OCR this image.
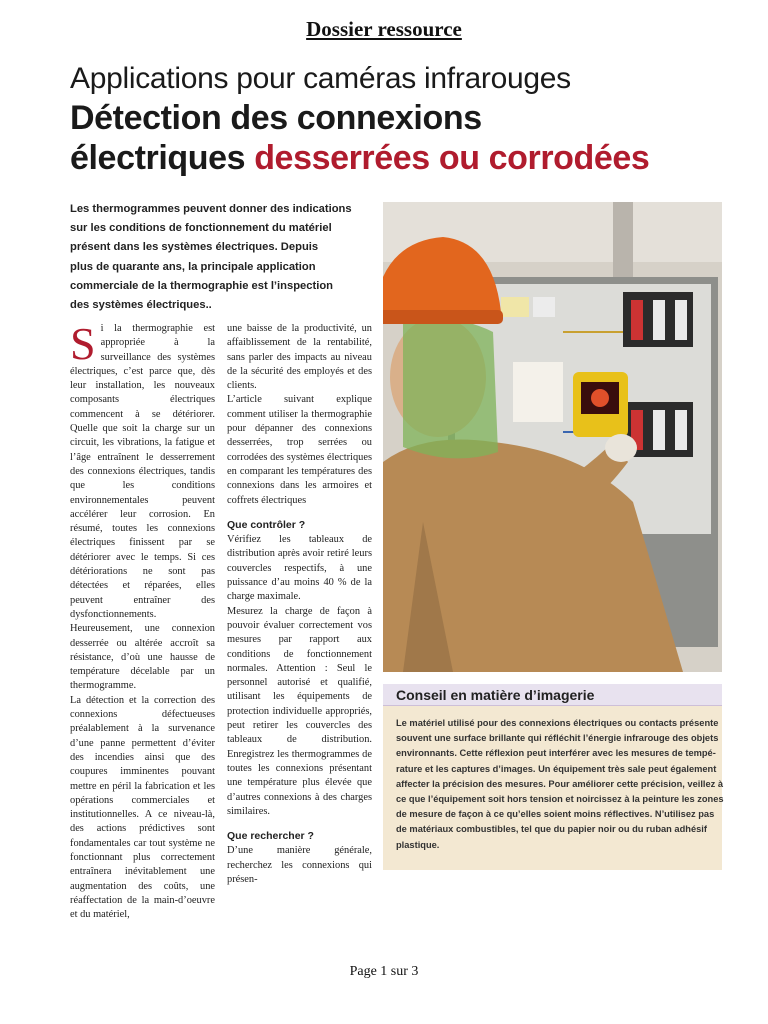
Dossier ressource
Applications pour caméras infrarouges
Détection des connexions
électriques desserrées ou corrodées
Les thermogrammes peuvent donner des indications
sur les conditions de fonctionnement du matériel
présent dans les systèmes électriques. Depuis
plus de quarante ans, la principale application
commerciale de la thermographie est l’inspection
des systèmes électriques..

Si la thermographie est appropriée à la surveillance des systèmes électriques, c’est parce que, dès leur installation, les nouveaux composants électriques commencent à se détériorer. Quelle que soit la charge sur un circuit, les vibrations, la fatigue et l’âge entraînent le desserrement des connexions électriques, tandis que les conditions environnementales peuvent accélérer leur corrosion. En résumé, toutes les connexions électriques finissent par se détériorer avec le temps. Si ces détériorations ne sont pas détectées et réparées, elles peuvent entraîner des dysfonctionnements. Heureusement, une connexion desserrée ou altérée accroît sa résistance, d’où une hausse de température décelable par un thermogramme.

La détection et la correction des connexions défectueuses préalablement à la survenance d’une panne permettent d’éviter des incendies ainsi que des coupures imminentes pouvant mettre en péril la fabrication et les opérations commerciales et institutionnelles. A ce niveau-là, des actions prédictives sont fondamentales car tout système ne fonctionnant plus correctement entraînera inévitablement une augmentation des coûts, une réaffectation de la main-d’oeuvre et du matériel,

une baisse de la productivité, un affaiblissement de la rentabilité, sans parler des impacts au niveau de la sécurité des employés et des clients.

L’article suivant explique comment utiliser la thermographie pour dépanner des connexions desserrées, trop serrées ou corrodées des systèmes électriques en comparant les températures des connexions dans les armoires et coffrets électriques

Que contrôler ?

Vérifiez les tableaux de distribution après avoir retiré leurs couvercles respectifs, à une puissance d’au moins 40 % de la charge maximale.

Mesurez la charge de façon à pouvoir évaluer correctement vos mesures par rapport aux conditions de fonctionnement normales. Attention : Seul le personnel autorisé et qualifié, utilisant les équipements de protection individuelle appropriés, peut retirer les couvercles des tableaux de distribution. Enregistrez les thermogrammes de toutes les connexions présentant une température plus élevée que d’autres connexions à des charges similaires.

Que rechercher ?

D’une manière générale, recherchez les connexions qui présen-

Conseil en matière d’imagerie
Le matériel utilisé pour des connexions électriques ou contacts présente
souvent une surface brillante qui réfléchit l’énergie infrarouge des objets
environnants. Cette réflexion peut interférer avec les mesures de tempé-
rature et les captures d’images. Un équipement très sale peut également
affecter la précision des mesures. Pour améliorer cette précision, veillez à
ce que l’équipement soit hors tension et noircissez à la peinture les zones
de mesure de façon à ce qu’elles soient moins réflectives. N’utilisez pas
de matériaux combustibles, tel que du papier noir ou du ruban adhésif
plastique.
Page 1 sur 3
